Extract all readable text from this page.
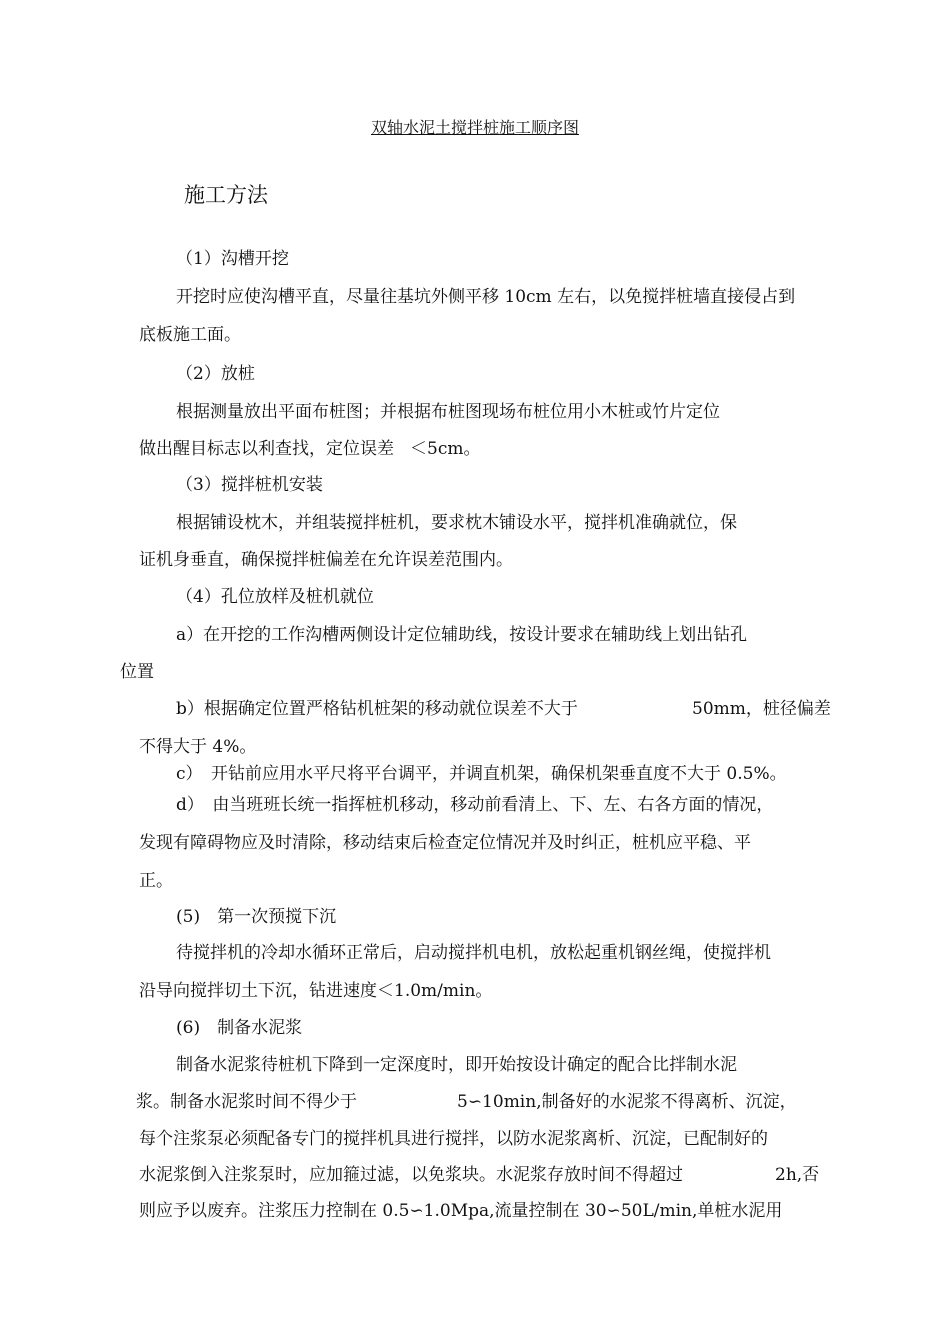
双轴水泥土搅拌桩施工顺序图
施工方法
（1）沟槽开挖
开挖时应使沟槽平直，尽量往基坑外侧平移 10cm 左右，以免搅拌桩墙直接侵占到
底板施工面。
（2）放桩
根据测量放出平面布桩图；并根据布桩图现场布桩位用小木桩或竹片定位
做出醒目标志以利查找，定位误差 ＜5cm。
（3）搅拌桩机安装
根据铺设枕木，并组装搅拌桩机，要求枕木铺设水平，搅拌机准确就位，保
证机身垂直，确保搅拌桩偏差在允许误差范围内。
（4）孔位放样及桩机就位
a）在开挖的工作沟槽两侧设计定位辅助线，按设计要求在辅助线上划出钻孔
位置
b）根据确定位置严格钻机桩架的移动就位误差不大于	50mm，桩径偏差
不得大于 4%。
c）　开钻前应用水平尺将平台调平，并调直机架，确保机架垂直度不大于 0.5%。
d）　由当班班长统一指挥桩机移动，移动前看清上、下、左、右各方面的情况，
发现有障碍物应及时清除，移动结束后检查定位情况并及时纠正，桩机应平稳、平
正。
(5)　第一次预搅下沉
待搅拌机的冷却水循环正常后，启动搅拌机电机，放松起重机钢丝绳，使搅拌机
沿导向搅拌切土下沉，钻进速度＜1.0m/min。
(6)　制备水泥浆
制备水泥浆待桩机下降到一定深度时，即开始按设计确定的配合比拌制水泥
浆。制备水泥浆时间不得少于	5∽10min,制备好的水泥浆不得离析、沉淀，
每个注浆泵必须配备专门的搅拌机具进行搅拌，以防水泥浆离析、沉淀，已配制好的
水泥浆倒入注浆泵时，应加箍过滤，以免浆块。水泥浆存放时间不得超过	2h,否
则应予以废弃。注浆压力控制在 0.5∽1.0Mpa,流量控制在 30∽50L/min,单桩水泥用
